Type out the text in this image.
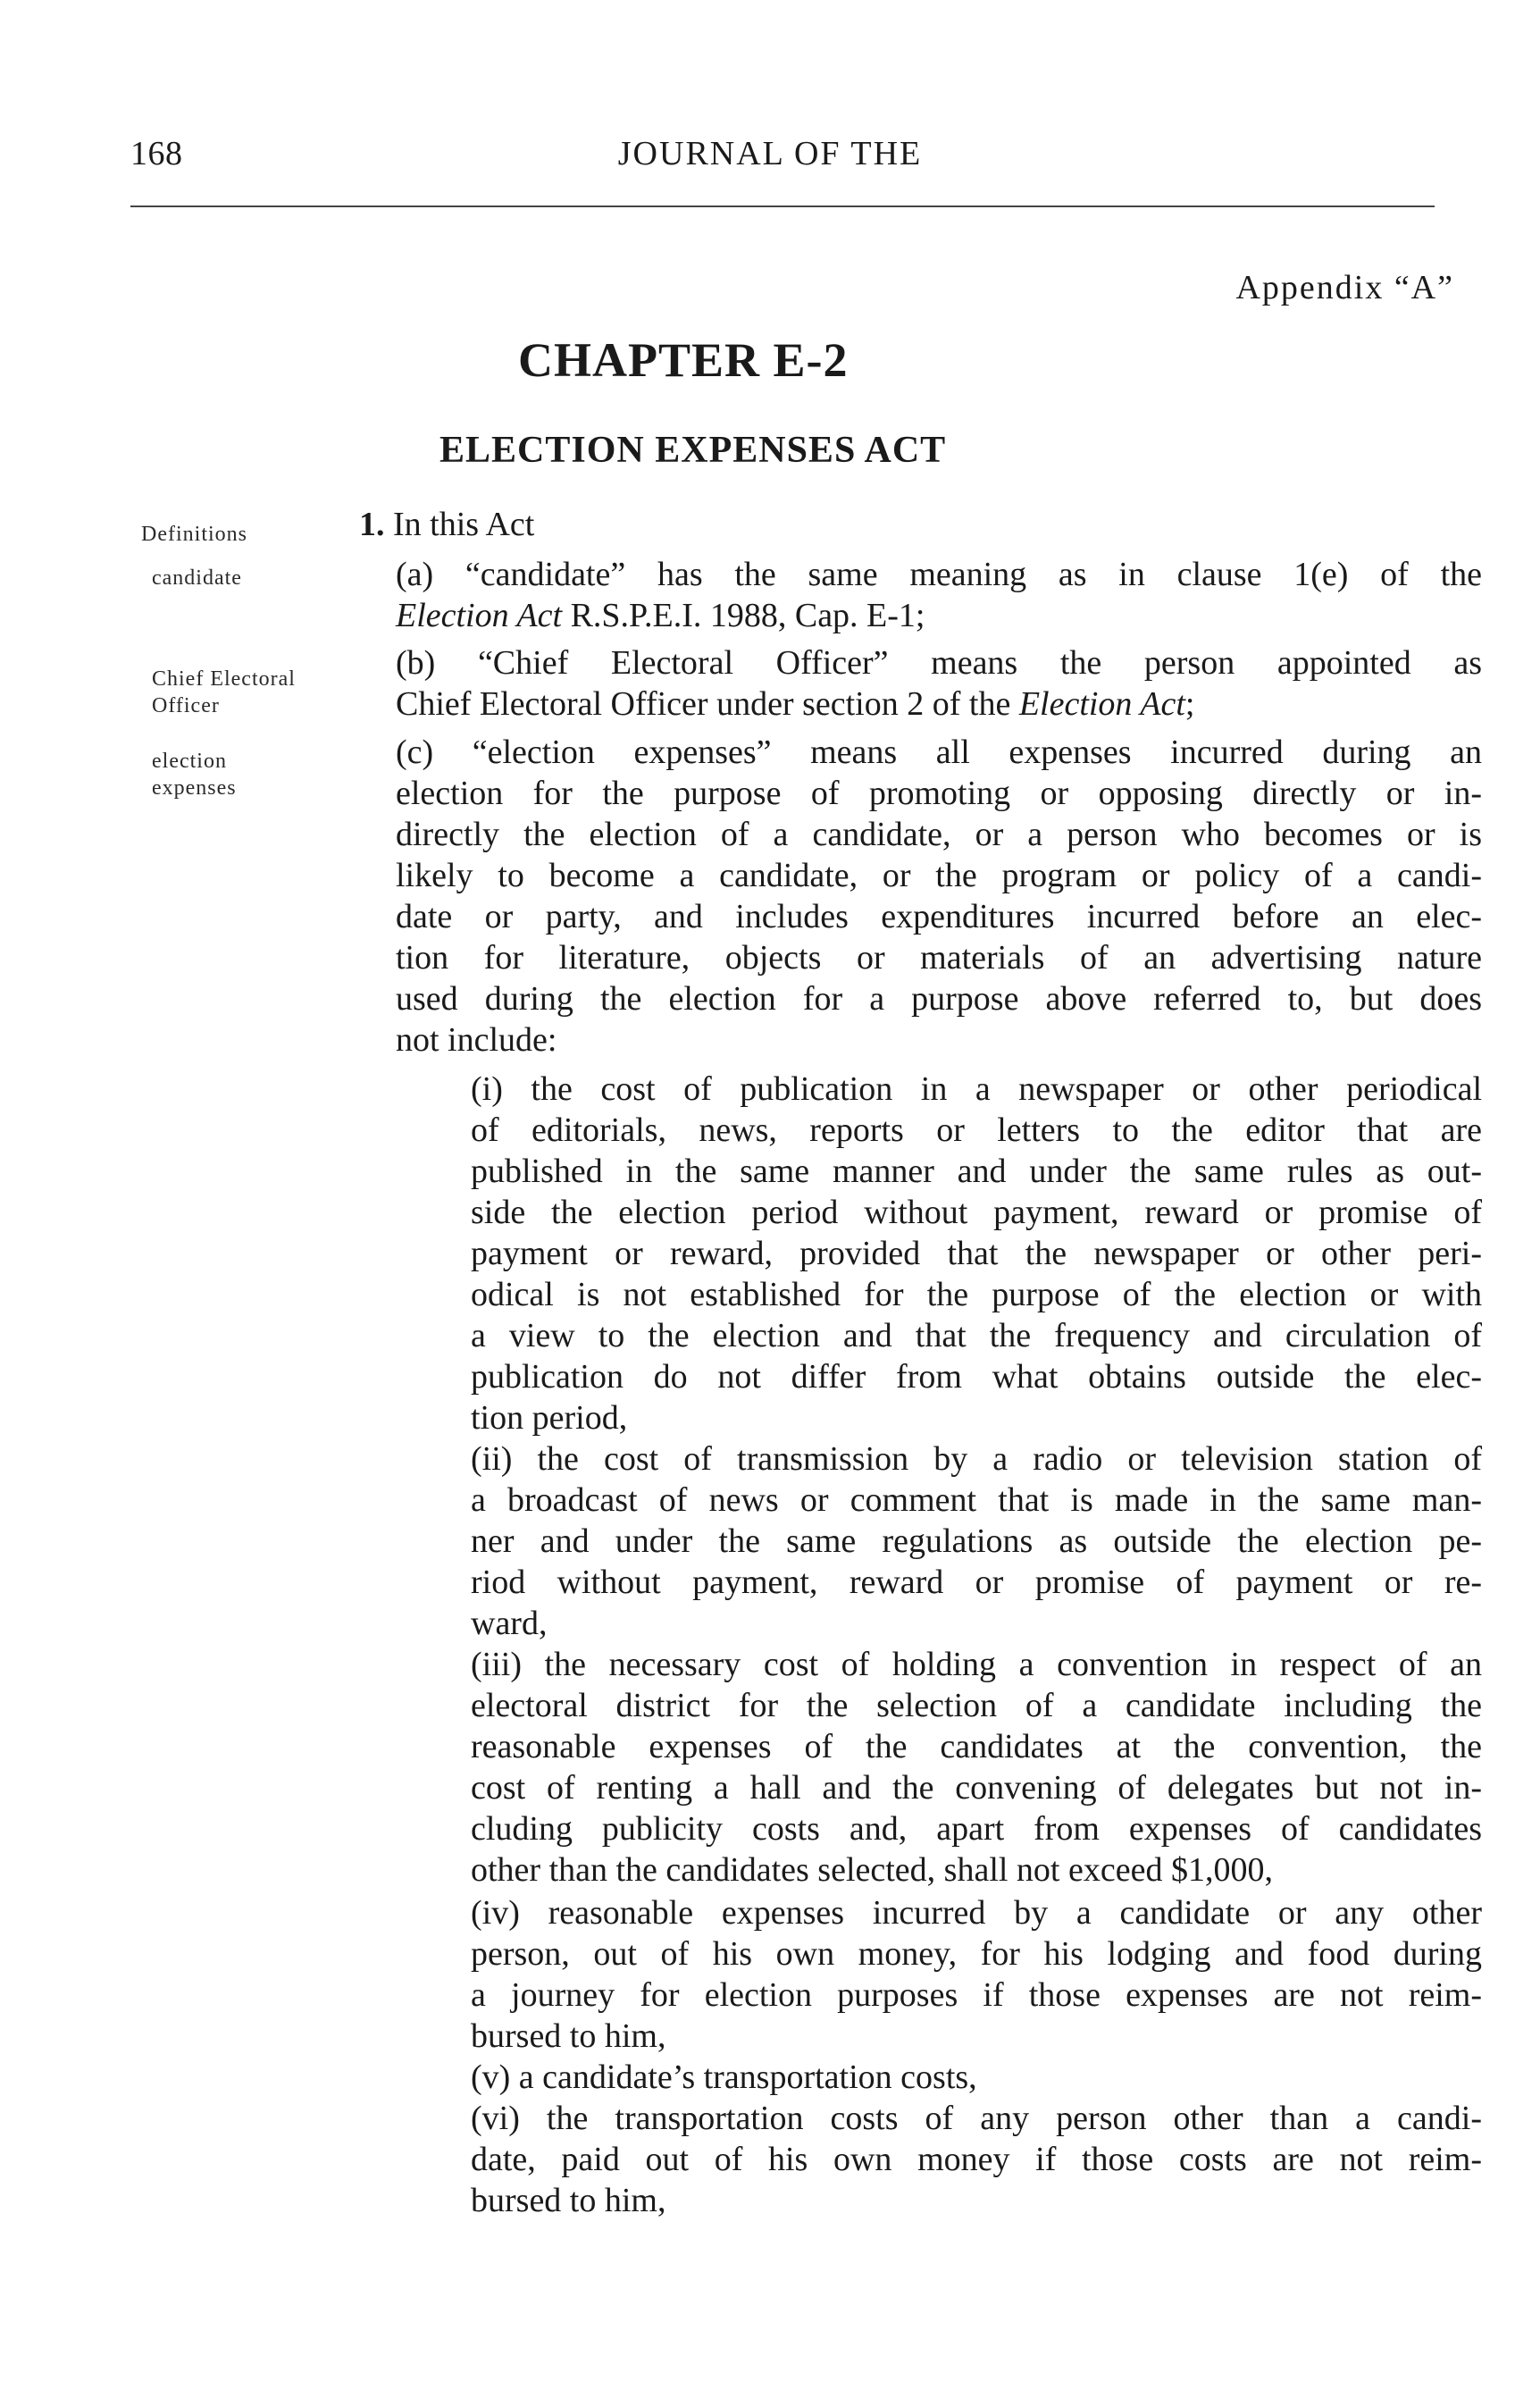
168	JOURNAL OF THE
Appendix “A”
CHAPTER E-2
ELECTION EXPENSES ACT
Definitions
candidate
Chief Electoral
Officer
election
expenses
1. In this Act
(a) “candidate” has the same meaning as in clause 1(e) of the
Election Act R.S.P.E.I. 1988, Cap. E-1;
(b) “Chief Electoral Officer” means the person appointed as
Chief Electoral Officer under section 2 of the Election Act;
(c) “election expenses” means all expenses incurred during an
election for the purpose of promoting or opposing directly or in-
directly the election of a candidate, or a person who becomes or is
likely to become a candidate, or the program or policy of a candi-
date or party, and includes expenditures incurred before an elec-
tion for literature, objects or materials of an advertising nature
used during the election for a purpose above referred to, but does
not include:
(i) the cost of publication in a newspaper or other periodical
of editorials, news, reports or letters to the editor that are
published in the same manner and under the same rules as out-
side the election period without payment, reward or promise of
payment or reward, provided that the newspaper or other peri-
odical is not established for the purpose of the election or with
a view to the election and that the frequency and circulation of
publication do not differ from what obtains outside the elec-
tion period,
(ii) the cost of transmission by a radio or television station of
a broadcast of news or comment that is made in the same man-
ner and under the same regulations as outside the election pe-
riod without payment, reward or promise of payment or re-
ward,
(iii) the necessary cost of holding a convention in respect of an
electoral district for the selection of a candidate including the
reasonable expenses of the candidates at the convention, the
cost of renting a hall and the convening of delegates but not in-
cluding publicity costs and, apart from expenses of candidates
other than the candidates selected, shall not exceed $1,000,
(iv) reasonable expenses incurred by a candidate or any other
person, out of his own money, for his lodging and food during
a journey for election purposes if those expenses are not reim-
bursed to him,
(v) a candidate’s transportation costs,
(vi) the transportation costs of any person other than a candi-
date, paid out of his own money if those costs are not reim-
bursed to him,
